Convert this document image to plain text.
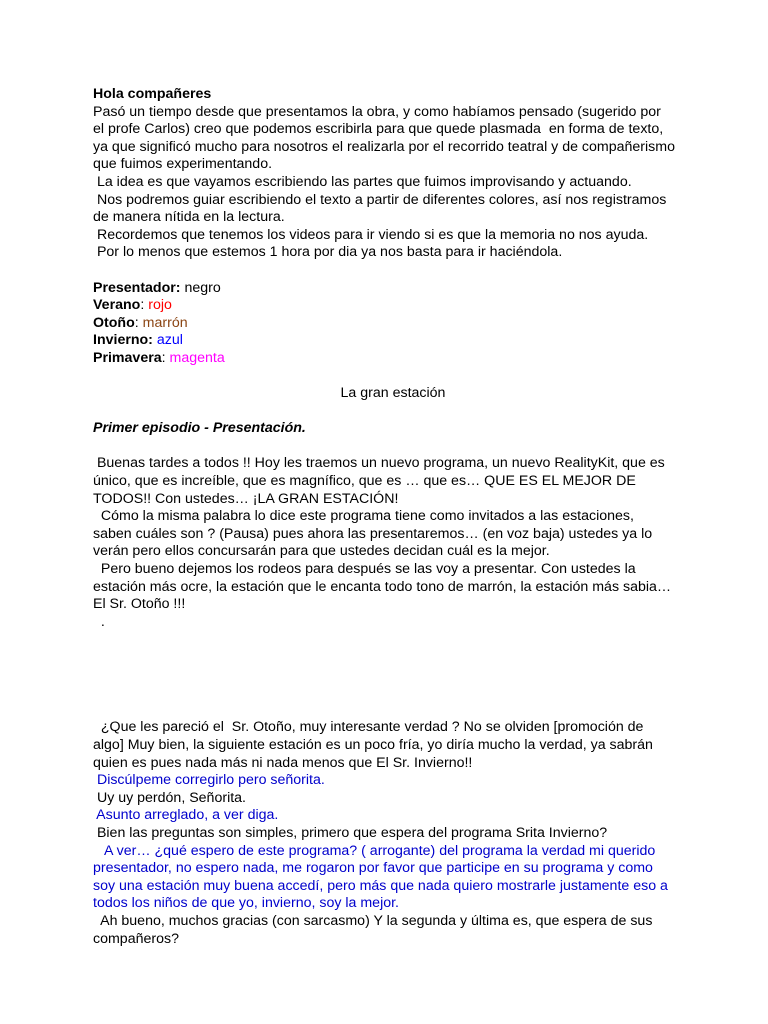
Hola compañeres
Pasó un tiempo desde que presentamos la obra, y como habíamos pensado (sugerido por
el profe Carlos) creo que podemos escribirla para que quede plasmada  en forma de texto,
ya que significó mucho para nosotros el realizarla por el recorrido teatral y de compañerismo
que fuimos experimentando.
La idea es que vayamos escribiendo las partes que fuimos improvisando y actuando.
Nos podremos guiar escribiendo el texto a partir de diferentes colores, así nos registramos
de manera nítida en la lectura.
Recordemos que tenemos los videos para ir viendo si es que la memoria no nos ayuda.
Por lo menos que estemos 1 hora por dia ya nos basta para ir haciéndola.
Presentador: negro
Verano: rojo
Otoño: marrón
Invierno: azul
Primavera: magenta
La gran estación
Primer episodio - Presentación.
Buenas tardes a todos !! Hoy les traemos un nuevo programa, un nuevo RealityKit, que es
único, que es increíble, que es magnífico, que es … que es… QUE ES EL MEJOR DE
TODOS!! Con ustedes… ¡LA GRAN ESTACIÓN!
Cómo la misma palabra lo dice este programa tiene como invitados a las estaciones,
saben cuáles son ? (Pausa) pues ahora las presentaremos… (en voz baja) ustedes ya lo
verán pero ellos concursarán para que ustedes decidan cuál es la mejor.
Pero bueno dejemos los rodeos para después se las voy a presentar. Con ustedes la
estación más ocre, la estación que le encanta todo tono de marrón, la estación más sabia…
El Sr. Otoño !!!
.
¿Que les pareció el  Sr. Otoño, muy interesante verdad ? No se olviden [promoción de
algo] Muy bien, la siguiente estación es un poco fría, yo diría mucho la verdad, ya sabrán
quien es pues nada más ni nada menos que El Sr. Invierno!!
Discúlpeme corregirlo pero señorita.
Uy uy perdón, Señorita.
Asunto arreglado, a ver diga.
Bien las preguntas son simples, primero que espera del programa Srita Invierno?
A ver… ¿qué espero de este programa? ( arrogante) del programa la verdad mi querido
presentador, no espero nada, me rogaron por favor que participe en su programa y como
soy una estación muy buena accedí, pero más que nada quiero mostrarle justamente eso a
todos los niños de que yo, invierno, soy la mejor.
Ah bueno, muchos gracias (con sarcasmo) Y la segunda y última es, que espera de sus
compañeros?
